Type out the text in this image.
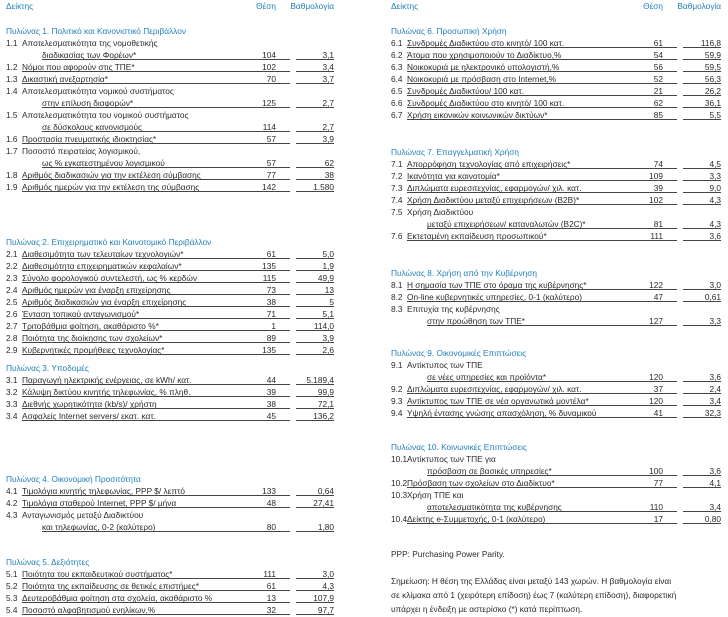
Δείκτης	Θέση Βαθμολογία
Πυλώνας 1. Πολιτικό και Κανονιστικό Περιβάλλον
1.1 Αποτελεσματικότητα της νομοθετικής
διαδικασίας των Φορέων*	104	3,1
1.2 Νόμοι που αφορούν στις ΤΠΕ*	102	3,4
1.3 Δικαστική ανεξαρτησία*	70	3,7
1.4 Αποτελεσματικότητα νομικού συστήματος
στην επίλυση διαφορών*	125	2,7
1.5 Αποτελεσματικότητα του νομικού συστήματος
σε δύσκολους κανονισμούς	114	2,7
1.6 Προστασία πνευματικής ιδιοκτησίας*	57	3,9
1.7 Ποσοστό πειρατείας λογισμικού,
ως % εγκατεστημένου λογισμικού	57	62
1.8 Αριθμός διαδικασιών για την εκτέλεση σύμβασης	77	38
1.9 Αριθμός ημερών για την εκτέλεση της σύμβασης	142	1.580
Πυλώνας 2. Επιχειρηματικό και Καινοτομικό Περιβάλλον
2.1 Διαθεσιμότητα των τελευταίων τεχνολογιών*	61	5,0
2.2 Διαθεσιμότητα επιχειρηματικών κεφαλαίων*	135	1,9
2.3 Σύνολο φορολογικού συντελεστή, ως % κερδών	115	49,9
2.4 Αριθμός ημερών για έναρξη επιχείρησης	73	13
2.5 Αριθμός διαδικασιών για έναρξη επιχείρησης	38	5
2.6 Ένταση τοπικού ανταγωνισμού*	71	5,1
2.7 Τριτοβάθμια φοίτηση, ακαθάριστο %*	1	114,0
2.8 Ποιότητα της διοίκησης των σχολείων*	89	3,9
2.9 Κυβερνητικές προμήθειες τεχνολογίας*	135	2,6
Πυλώνας 3. Υποδομές
3.1 Παραγωγή ηλεκτρικής ενέργειας, σε kWh/ κατ.	44	5.189,4
3.2 Κάλυψη δικτύου κινητής τηλεφωνίας, % πληθ.	39	99,9
3.3 Διεθνής χωρητικότητα (kb/s)/ χρήστη	38	72,1
3.4 Ασφαλείς Internet servers/ εκατ. κατ.	45	136,2
Πυλώνας 4. Οικονομική Προσιτότητα
4.1 Τιμολόγια κινητής τηλεφωνίας, PPP $/ λεπτό	133	0,64
4.2 Τιμολόγια σταθερού Internet, PPP $/ μήνα	48	27,41
4.3 Ανταγωνισμός μεταξύ Διαδικτύου
και τηλεφωνίας, 0-2 (καλύτερο)	80	1,80
Πυλώνας 5. Δεξιότητες
5.1 Ποιότητα του εκπαιδευτικού συστήματος*	111	3,0
5.2 Ποιότητα της εκπαίδευσης σε θετικές επιστήμες*	61	4,3
5.3 Δευτεροβάθμια φοίτηση στα σχολεία, ακαθάριστο %	13	107,9
5.4 Ποσοστό αλφαβητισμού ενηλίκων,%	32	97,7
Δείκτης	Θέση Βαθμολογία
Πυλώνας 6. Προσωπική Χρήση
6.1 Συνδρομές Διαδικτύου στο κινητό/ 100 κατ.	61	116,8
6.2 Άτομα που χρησιμοποιούν το Διαδίκτυο,%	54	59,9
6.3 Νοικοκυριά με ηλεκτρονικό υπολογιστή,%	56	59,5
6.4 Νοικοκυριά με πρόσβαση στο Internet,%	52	56,3
6.5 Συνδρομές Διαδικτύου/ 100 κατ.	21	26,2
6.6 Συνδρομές Διαδικτύου στο κινητό/ 100 κατ.	62	36,1
6.7 Χρήση εικονικών κοινωνικών δικτύων*	85	5,5
Πυλώνας 7. Επαγγελματική Χρήση
7.1 Απορρόφηση τεχνολογίας από επιχειρήσεις*	74	4,5
7.2 Ικανότητα για καινοτομία*	109	3,3
7.3 Διπλώματα ευρεσιτεχνίας, εφαρμογών/ χιλ. κατ.	39	9,0
7.4 Χρήση Διαδικτύου μεταξύ επιχειρήσεων (B2B)*	102	4,3
7.5 Χρήση Διαδικτύου
μεταξύ επιχειρήσεων/ καταναλωτών (B2C)*	81	4,3
7.6 Εκτεταμένη εκπαίδευση προσωπικού*	111	3,6
Πυλώνας 8. Χρήση από την Κυβέρνηση
8.1 Η σημασία των ΤΠΕ στο όραμα της κυβέρνησης*	122	3,0
8.2 On-line κυβερνητικές υπηρεσίες, 0-1 (καλύτερο)	47	0,61
8.3 Επιτυχία της κυβέρνησης
στην προώθηση των ΤΠΕ*	127	3,3
Πυλώνας 9. Οικονομικές Επιπτώσεις
9.1 Αντίκτυπος των ΤΠΕ
σε νέες υπηρεσίες και προϊόντα*	120	3,6
9.2 Διπλώματα ευρεσιτεχνίας, εφαρμογών/ χιλ. κατ.	37	2,4
9.3 Αντίκτυπος των ΤΠΕ σε νέα οργανωτικά μοντέλα*	120	3,4
9.4 Υψηλή έντασης γνώσης απασχόληση, % δυναμικού	41	32,3
Πυλώνας 10. Κοινωνικές Επιπτώσεις
10.1 Αντίκτυπος των ΤΠΕ για
πρόσβαση σε βασικές υπηρεσίες*	100	3,6
10.2 Πρόσβαση των σχολείων στο Διαδίκτυο*	77	4,1
10.3 Χρήση ΤΠΕ και
αποτελεσματικότητα της κυβέρνησης	110	3,4
10.4 Δείκτης e-Συμμετοχής, 0-1 (καλύτερο)	17	0,80

PPP: Purchasing Power Parity.

Σημείωση: Η θέση της Ελλάδας είναι μεταξύ 143 χωρών. Η βαθμολογία είναι

σε κλίμακα από 1 (χειρότερη επίδοση) έως 7 (καλύτερη επίδοση), διαφορετική

υπάρχει η ένδειξη με αστερίσκο (*) κατά περίπτωση.
